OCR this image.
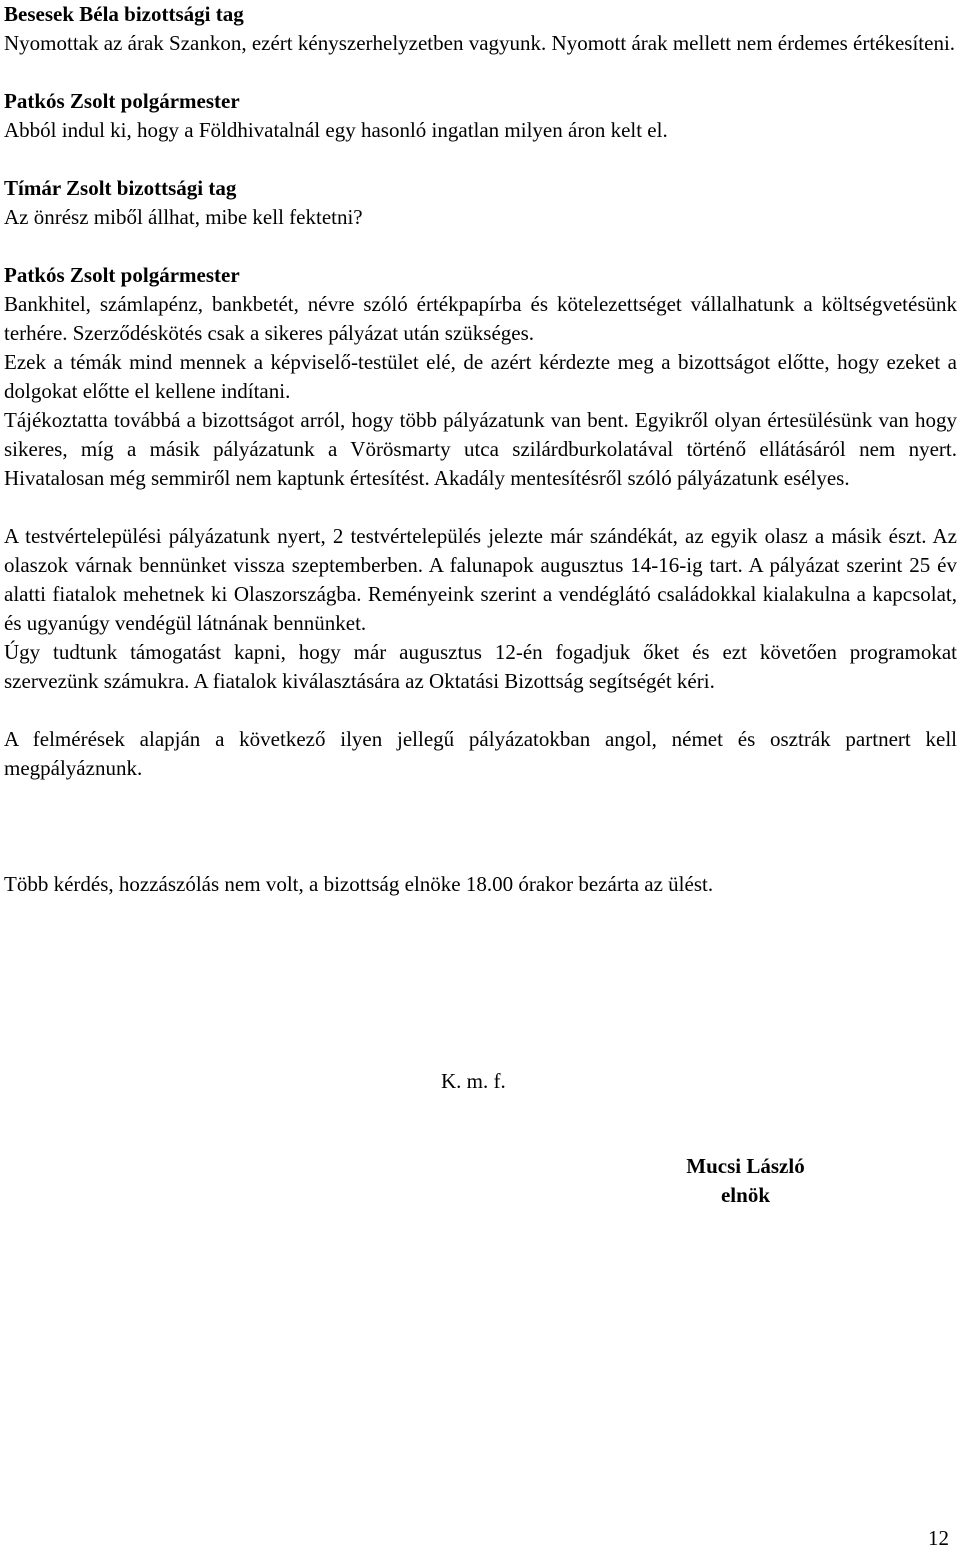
Besesek Béla bizottsági tag

Nyomottak az árak Szankon, ezért kényszerhelyzetben vagyunk. Nyomott árak mellett nem érdemes értékesíteni.

Patkós Zsolt polgármester

Abból indul ki, hogy a Földhivatalnál egy hasonló ingatlan milyen áron kelt el.

Tímár Zsolt bizottsági tag

Az önrész miből állhat, mibe kell fektetni?

Patkós Zsolt polgármester

Bankhitel, számlapénz, bankbetét, névre szóló értékpapírba és kötelezettséget vállalhatunk a költségvetésünk terhére. Szerződéskötés csak a sikeres pályázat után szükséges.

Ezek a témák mind mennek a képviselő-testület elé, de azért kérdezte meg a bizottságot előtte, hogy ezeket a dolgokat előtte el kellene indítani.

Tájékoztatta továbbá a bizottságot arról, hogy több pályázatunk van bent. Egyikről olyan értesülésünk van hogy sikeres, míg a másik pályázatunk a Vörösmarty utca szilárdburkolatával történő ellátásáról nem nyert. Hivatalosan még semmiről nem kaptunk értesítést. Akadály mentesítésről szóló pályázatunk esélyes.

A testvértelepülési pályázatunk nyert, 2 testvértelepülés jelezte már szándékát, az egyik olasz a másik észt. Az olaszok várnak bennünket vissza szeptemberben. A falunapok augusztus 14-16-ig tart. A pályázat szerint 25 év alatti fiatalok mehetnek ki Olaszországba. Reményeink szerint a vendéglátó családokkal kialakulna a kapcsolat, és ugyanúgy vendégül látnának bennünket.

Úgy tudtunk támogatást kapni, hogy már augusztus 12-én fogadjuk őket és ezt követően programokat szervezünk számukra. A fiatalok kiválasztására az Oktatási Bizottság segítségét kéri.

A felmérések alapján a következő ilyen jellegű pályázatokban angol, német és osztrák partnert kell megpályáznunk.

Több kérdés, hozzászólás nem volt, a bizottság elnöke 18.00 órakor bezárta az ülést.

K. m. f.

Mucsi László

elnök

12
